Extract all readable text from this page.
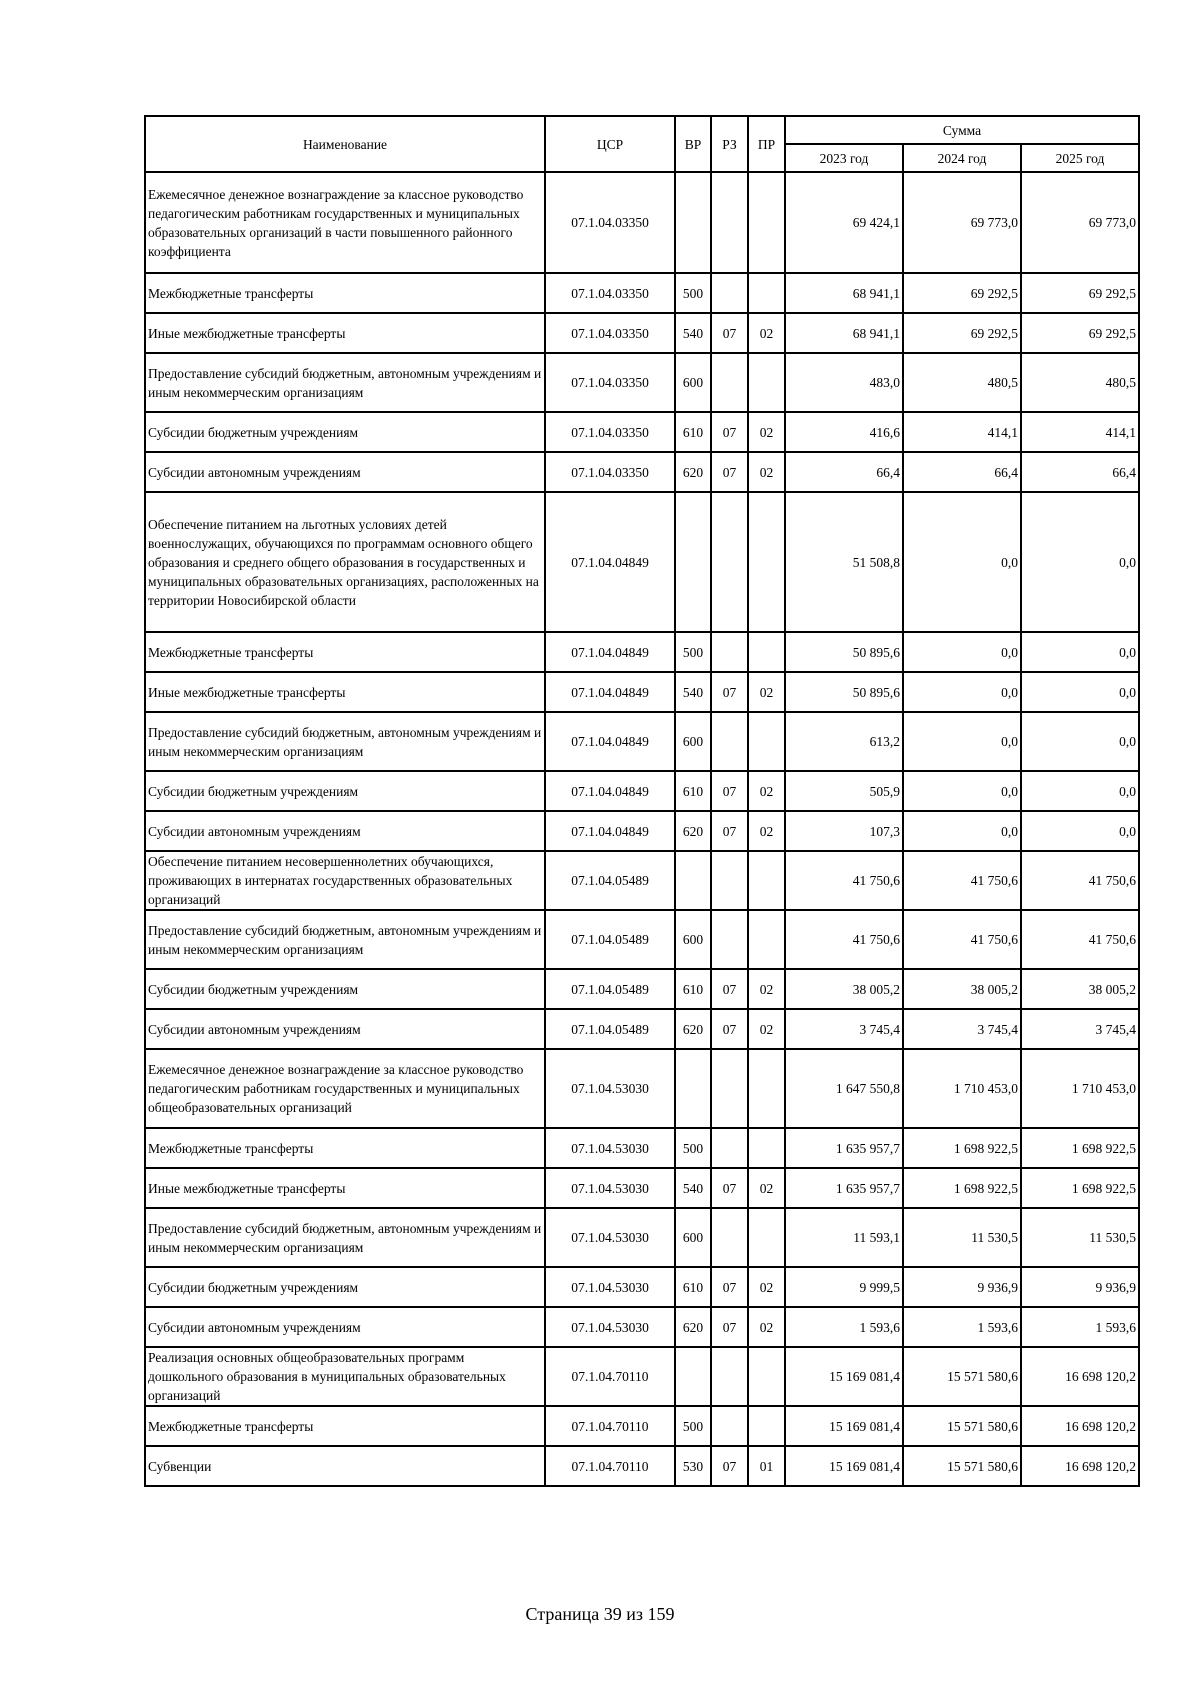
Наименование	ЦСР	ВР	РЗ	ПР	Сумма		
					2023 год	2024 год	2025 год
Ежемесячное денежное вознаграждение за классное руководство педагогическим работникам государственных и муниципальных образовательных организаций в части повышенного районного коэффициента	07.1.04.03350				69 424,1	69 773,0	69 773,0
Межбюджетные трансферты	07.1.04.03350	500			68 941,1	69 292,5	69 292,5
Иные межбюджетные трансферты	07.1.04.03350	540	07	02	68 941,1	69 292,5	69 292,5
Предоставление субсидий бюджетным, автономным учреждениям и иным некоммерческим организациям	07.1.04.03350	600			483,0	480,5	480,5
Субсидии бюджетным учреждениям	07.1.04.03350	610	07	02	416,6	414,1	414,1
Субсидии автономным учреждениям	07.1.04.03350	620	07	02	66,4	66,4	66,4
Обеспечение питанием на льготных условиях детей военнослужащих, обучающихся по программам основного общего образования и среднего общего образования в государственных и муниципальных образовательных организациях, расположенных на территории Новосибирской области	07.1.04.04849				51 508,8	0,0	0,0
Межбюджетные трансферты	07.1.04.04849	500			50 895,6	0,0	0,0
Иные межбюджетные трансферты	07.1.04.04849	540	07	02	50 895,6	0,0	0,0
Предоставление субсидий бюджетным, автономным учреждениям и иным некоммерческим организациям	07.1.04.04849	600			613,2	0,0	0,0
Субсидии бюджетным учреждениям	07.1.04.04849	610	07	02	505,9	0,0	0,0
Субсидии автономным учреждениям	07.1.04.04849	620	07	02	107,3	0,0	0,0
Обеспечение питанием несовершеннолетних обучающихся, проживающих в интернатах государственных образовательных организаций	07.1.04.05489				41 750,6	41 750,6	41 750,6
Предоставление субсидий бюджетным, автономным учреждениям и иным некоммерческим организациям	07.1.04.05489	600			41 750,6	41 750,6	41 750,6
Субсидии бюджетным учреждениям	07.1.04.05489	610	07	02	38 005,2	38 005,2	38 005,2
Субсидии автономным учреждениям	07.1.04.05489	620	07	02	3 745,4	3 745,4	3 745,4
Ежемесячное денежное вознаграждение за классное руководство педагогическим работникам государственных и муниципальных общеобразовательных организаций	07.1.04.53030				1 647 550,8	1 710 453,0	1 710 453,0
Межбюджетные трансферты	07.1.04.53030	500			1 635 957,7	1 698 922,5	1 698 922,5
Иные межбюджетные трансферты	07.1.04.53030	540	07	02	1 635 957,7	1 698 922,5	1 698 922,5
Предоставление субсидий бюджетным, автономным учреждениям и иным некоммерческим организациям	07.1.04.53030	600			11 593,1	11 530,5	11 530,5
Субсидии бюджетным учреждениям	07.1.04.53030	610	07	02	9 999,5	9 936,9	9 936,9
Субсидии автономным учреждениям	07.1.04.53030	620	07	02	1 593,6	1 593,6	1 593,6
Реализация основных общеобразовательных программ дошкольного образования в муниципальных образовательных организаций	07.1.04.70110				15 169 081,4	15 571 580,6	16 698 120,2
Межбюджетные трансферты	07.1.04.70110	500			15 169 081,4	15 571 580,6	16 698 120,2
Субвенции	07.1.04.70110	530	07	01	15 169 081,4	15 571 580,6	16 698 120,2
Страница 39 из 159
